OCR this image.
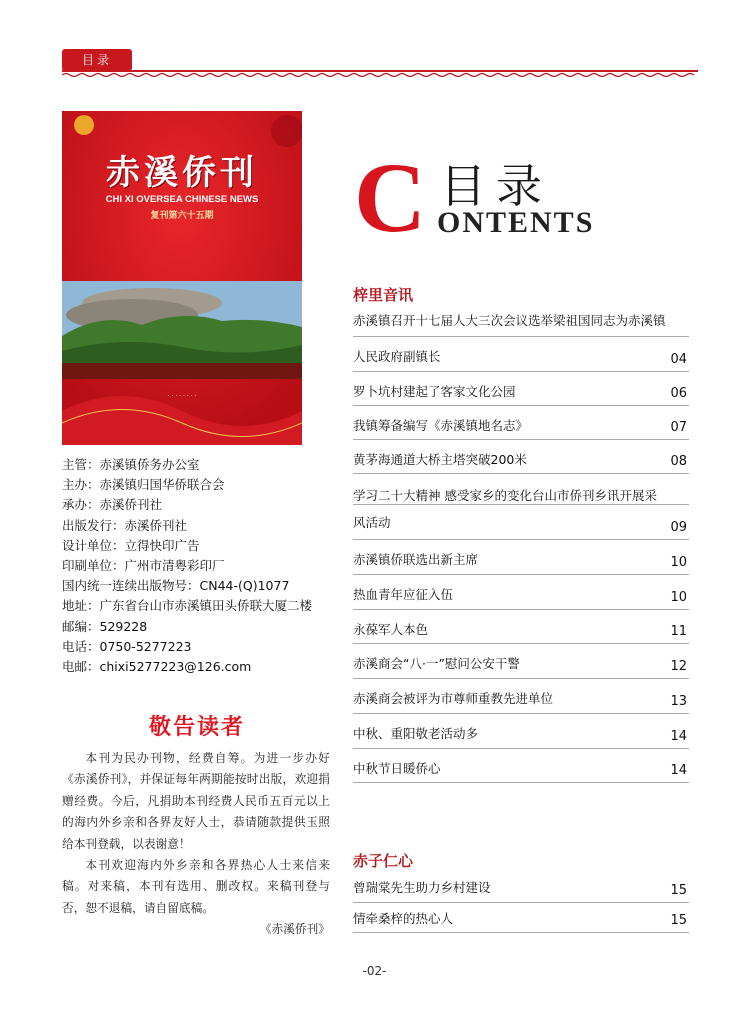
目录
赤溪侨刊
CHI XI OVERSEA CHINESE NEWS
复刊第六十五期
· · · · · · · ·
主管：赤溪镇侨务办公室
主办：赤溪镇归国华侨联合会
承办：赤溪侨刊社
出版发行：赤溪侨刊社
设计单位：立得快印广告
印刷单位：广州市清粤彩印厂
国内统一连续出版物号：CN44-(Q)1077
地址：广东省台山市赤溪镇田头侨联大厦二楼
邮编：529228
电话：0750-5277223
电邮：chixi5277223@126.com
敬告读者

本刊为民办刊物，经费自筹。为进一步办好《赤溪侨刊》，并保证每年两期能按时出版，欢迎捐赠经费。今后，凡捐助本刊经费人民币五百元以上的海内外乡亲和各界友好人士，恭请随款提供玉照给本刊登载，以表谢意！

本刊欢迎海内外乡亲和各界热心人士来信来稿。对来稿，本刊有选用、删改权。来稿刊登与否，恕不退稿，请自留底稿。

《赤溪侨刊》

C 目录
ONTENTS
梓里音讯
赤溪镇召开十七届人大三次会议选举梁祖国同志为赤溪镇
人民政府副镇长	04
罗卜坑村建起了客家文化公园	06
我镇筹备编写《赤溪镇地名志》	07
黄茅海通道大桥主塔突破200米	08
学习二十大精神 感受家乡的变化台山市侨刊乡讯开展采
风活动	09
赤溪镇侨联选出新主席	10
热血青年应征入伍	10
永葆军人本色	11
赤溪商会“八·一”慰问公安干警	12
赤溪商会被评为市尊师重教先进单位	13
中秋、重阳敬老活动多	14
中秋节日暖侨心	14
赤子仁心
曾瑞棠先生助力乡村建设	15
情牵桑梓的热心人	15
-02-
